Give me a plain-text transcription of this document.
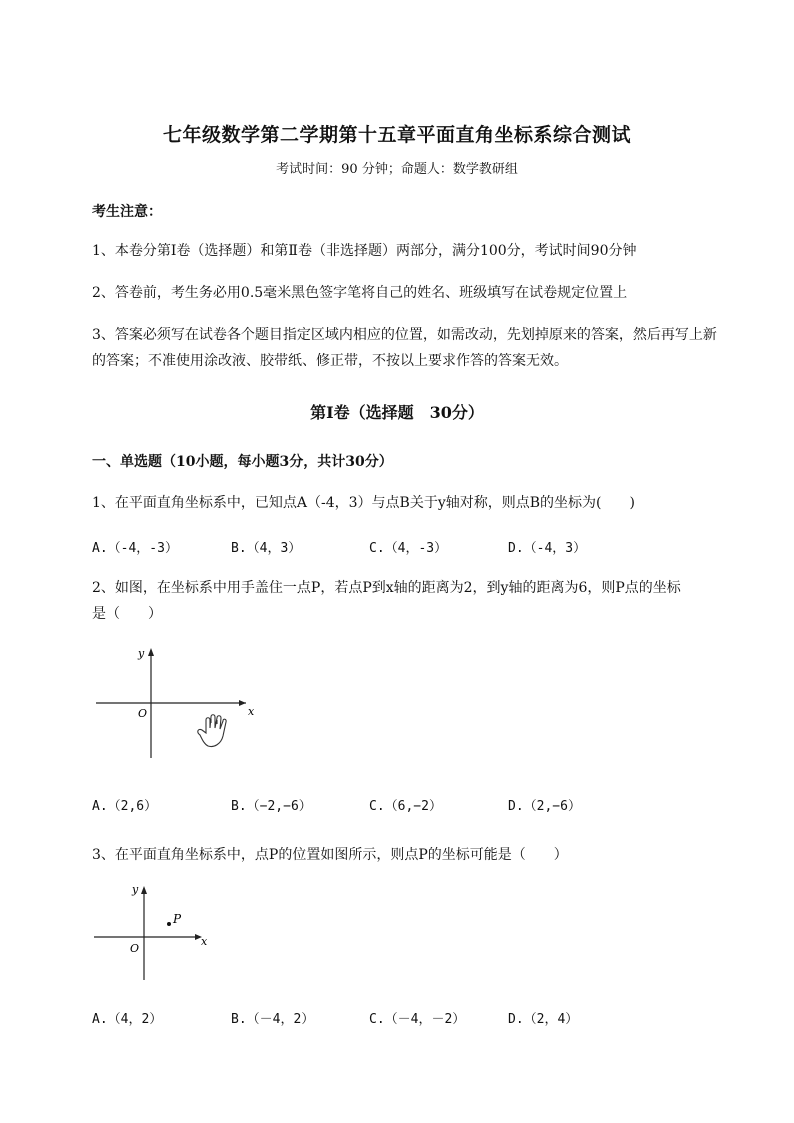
七年级数学第二学期第十五章平面直角坐标系综合测试
考试时间：90 分钟；命题人：数学教研组
考生注意：
1、本卷分第Ⅰ卷（选择题）和第Ⅱ卷（非选择题）两部分，满分100分，考试时间90分钟
2、答卷前，考生务必用0.5毫米黑色签字笔将自己的姓名、班级填写在试卷规定位置上
3、答案必须写在试卷各个题目指定区域内相应的位置，如需改动，先划掉原来的答案，然后再写上新
的答案；不准使用涂改液、胶带纸、修正带，不按以上要求作答的答案无效。
第Ⅰ卷（选择题　30分）
一、单选题（10小题，每小题3分，共计30分）
1、在平面直角坐标系中，已知点A（-4，3）与点B关于y轴对称，则点B的坐标为(　　)
A.（-4，-3）	B.（4，3）	C.（4，-3）	D.（-4，3）
2、如图，在坐标系中用手盖住一点P，若点P到x轴的距离为2，到y轴的距离为6，则P点的坐标
是（　　）
x
y
O
A.（2,6）	B.（−2,−6）	C.（6,−2）	D.（2,−6）
3、在平面直角坐标系中，点P的位置如图所示，则点P的坐标可能是（　　）
x
y
O
P
A.（4，2）	B.（－4，2）	C.（－4，－2）	D.（2，4）
